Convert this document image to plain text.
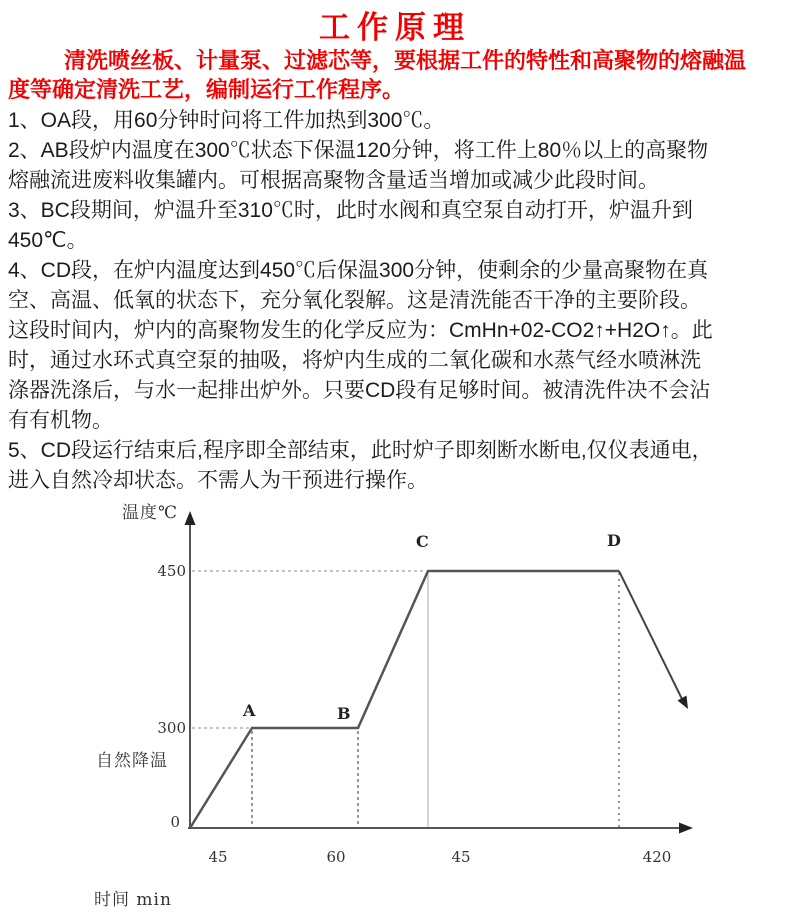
工作原理
清洗喷丝板、计量泵、过滤芯等，要根据工件的特性和高聚物的熔融温
度等确定清洗工艺，编制运行工作程序。
1、OA段，用60分钟时问将工件加热到300℃。
2、AB段炉内温度在300℃状态下保温120分钟，将工件上80％以上的高聚物
熔融流进废料收集罐内。可根据高聚物含量适当增加或减少此段时间。
3、BC段期间，炉温升至310℃时，此时水阀和真空泵自动打开，炉温升到
450℃。
4、CD段，在炉内温度达到450℃后保温300分钟，使剩余的少量高聚物在真
空、高温、低氧的状态下，充分氧化裂解。这是清洗能否干净的主要阶段。
这段时间内，炉内的高聚物发生的化学反应为：CmHn+02-CO2↑+H2O↑。此
时，通过水环式真空泵的抽吸，将炉内生成的二氧化碳和水蒸气经水喷淋洗
涤器洗涤后，与水一起排出炉外。只要CD段有足够时间。被清洗件决不会沾
有有机物。
5、CD段运行结束后,程序即全部结束，此时炉子即刻断水断电,仅仪表通电，
进入自然冷却状态。不需人为干预进行操作。
温度℃
450
300
0
自然降温
A	B
C	D
45	60	45	420
时间 min
